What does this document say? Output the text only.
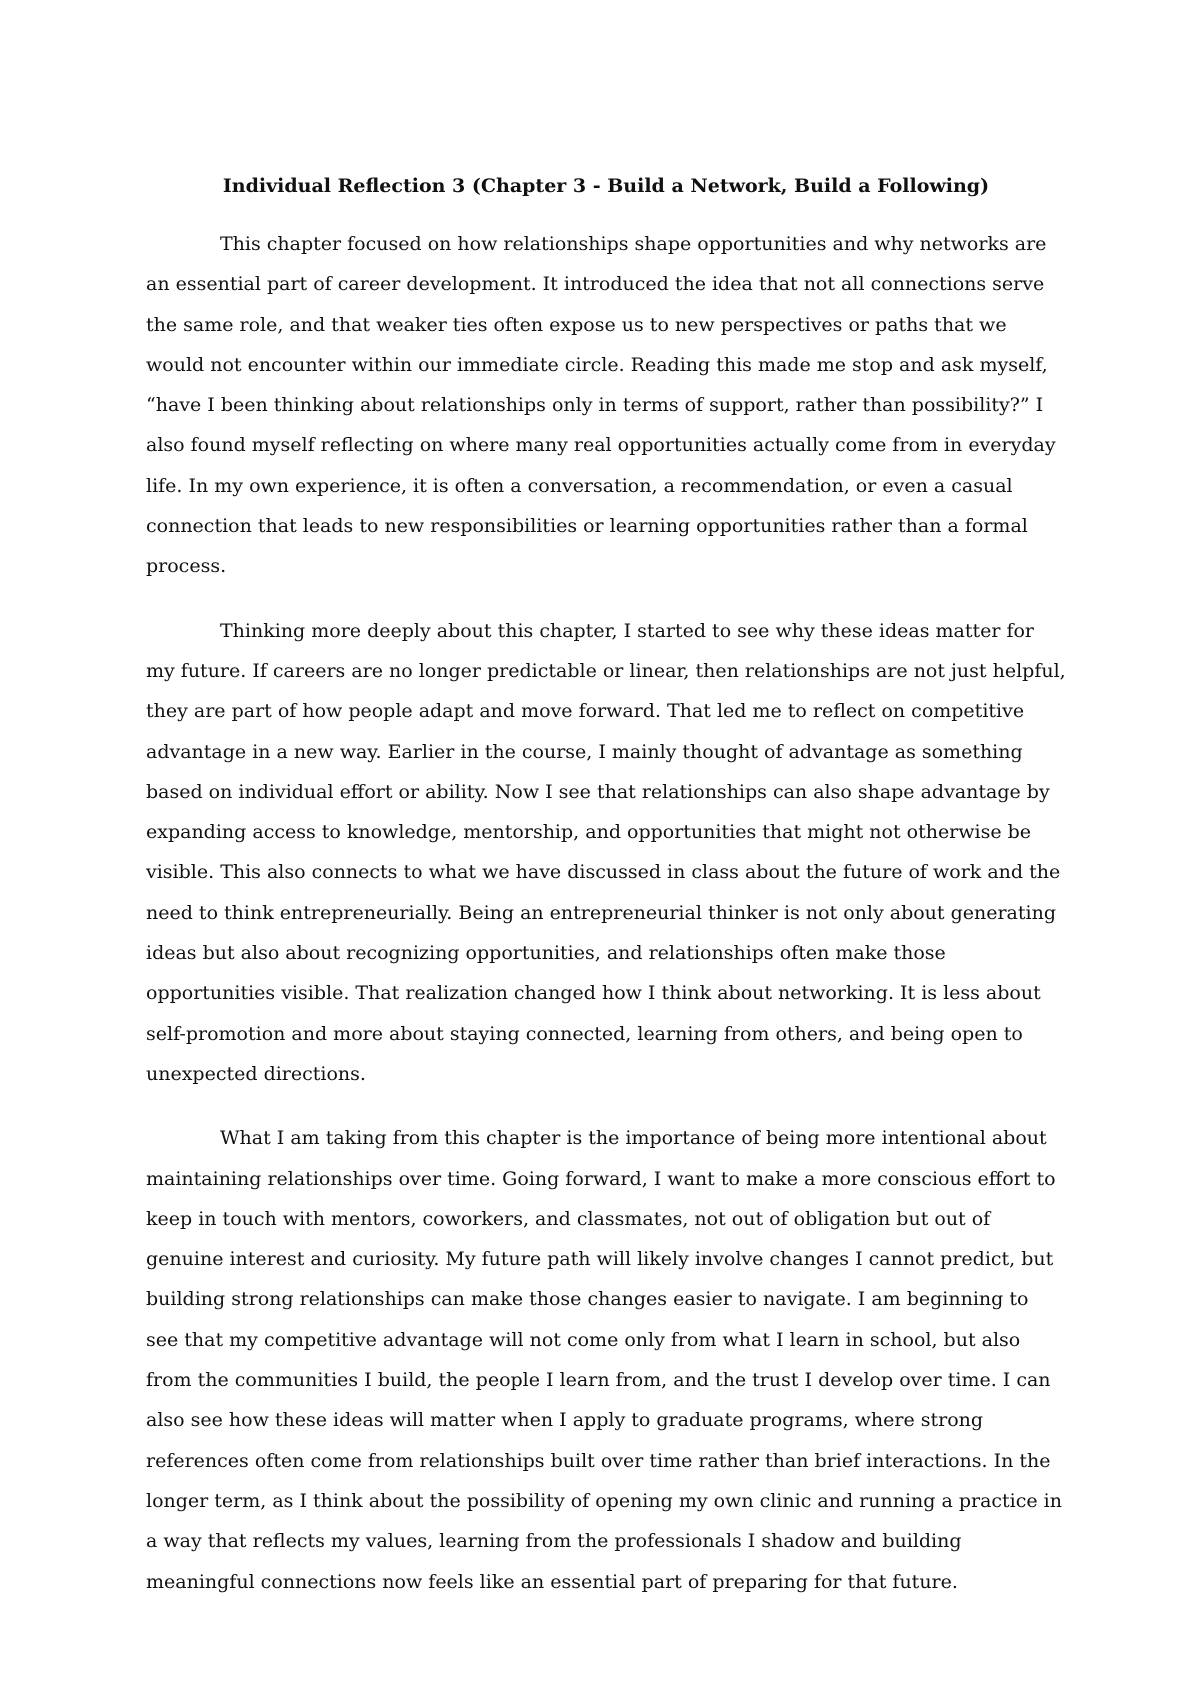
Individual Reflection 3 (Chapter 3 - Build a Network, Build a Following)

This chapter focused on how relationships shape opportunities and why networks are an essential part of career development. It introduced the idea that not all connections serve the same role, and that weaker ties often expose us to new perspectives or paths that we would not encounter within our immediate circle. Reading this made me stop and ask myself, “have I been thinking about relationships only in terms of support, rather than possibility?” I also found myself reflecting on where many real opportunities actually come from in everyday life. In my own experience, it is often a conversation, a recommendation, or even a casual connection that leads to new responsibilities or learning opportunities rather than a formal process.

Thinking more deeply about this chapter, I started to see why these ideas matter for my future. If careers are no longer predictable or linear, then relationships are not just helpful, they are part of how people adapt and move forward. That led me to reflect on competitive advantage in a new way. Earlier in the course, I mainly thought of advantage as something based on individual effort or ability. Now I see that relationships can also shape advantage by expanding access to knowledge, mentorship, and opportunities that might not otherwise be visible. This also connects to what we have discussed in class about the future of work and the need to think entrepreneurially. Being an entrepreneurial thinker is not only about generating ideas but also about recognizing opportunities, and relationships often make those opportunities visible. That realization changed how I think about networking. It is less about self-promotion and more about staying connected, learning from others, and being open to unexpected directions.

What I am taking from this chapter is the importance of being more intentional about maintaining relationships over time. Going forward, I want to make a more conscious effort to keep in touch with mentors, coworkers, and classmates, not out of obligation but out of genuine interest and curiosity. My future path will likely involve changes I cannot predict, but building strong relationships can make those changes easier to navigate. I am beginning to see that my competitive advantage will not come only from what I learn in school, but also from the communities I build, the people I learn from, and the trust I develop over time. I can also see how these ideas will matter when I apply to graduate programs, where strong references often come from relationships built over time rather than brief interactions. In the longer term, as I think about the possibility of opening my own clinic and running a practice in a way that reflects my values, learning from the professionals I shadow and building meaningful connections now feels like an essential part of preparing for that future.
